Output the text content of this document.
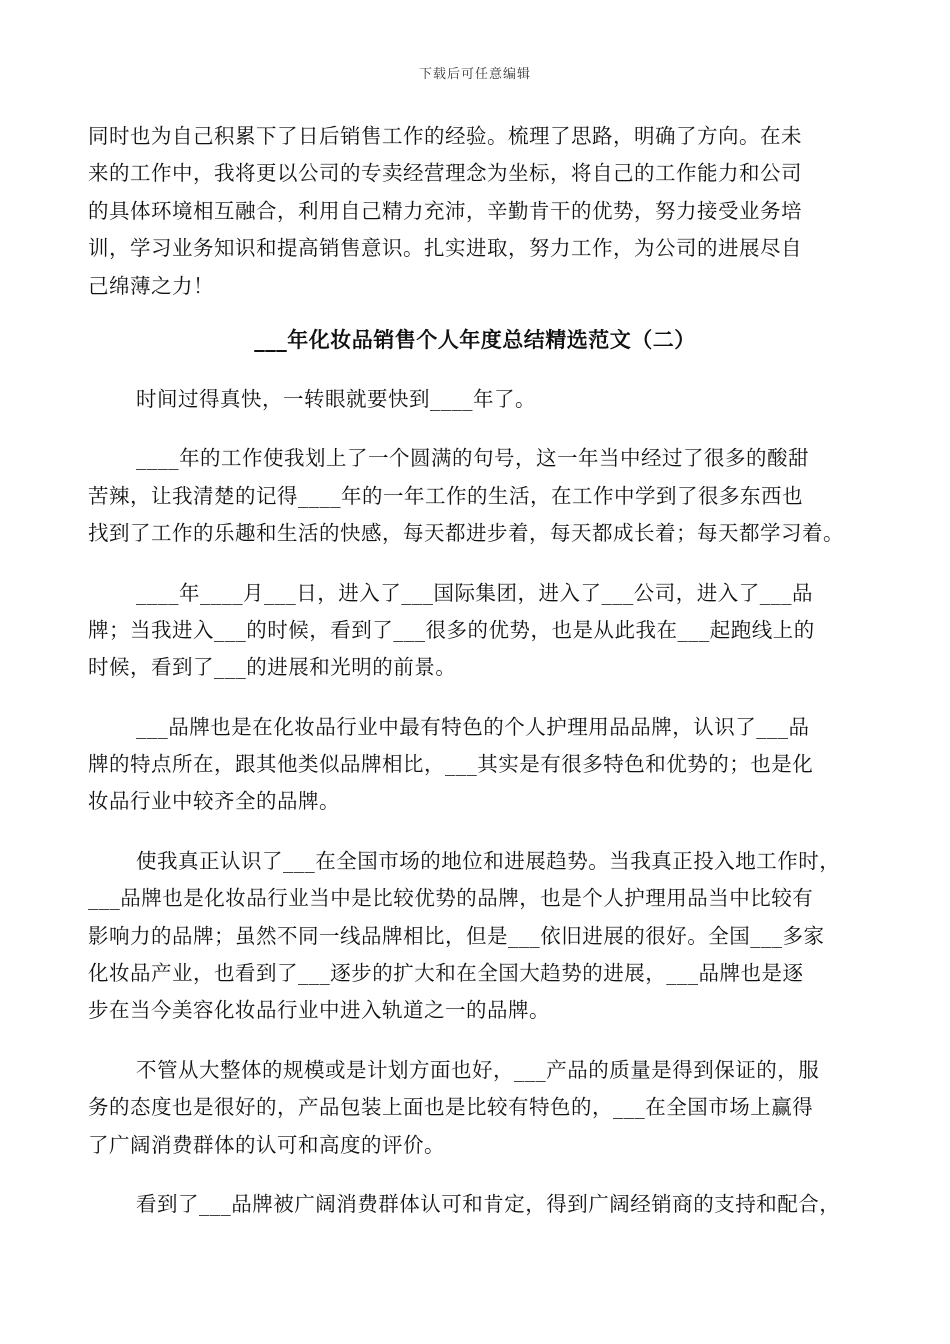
下载后可任意编辑
同时也为自己积累下了日后销售工作的经验。梳理了思路，明确了方向。在未
来的工作中，我将更以公司的专卖经营理念为坐标，将自己的工作能力和公司
的具体环境相互融合，利用自己精力充沛，辛勤肯干的优势，努力接受业务培
训，学习业务知识和提高销售意识。扎实进取，努力工作，为公司的进展尽自
己绵薄之力！
___年化妆品销售个人年度总结精选范文（二）
时间过得真快，一转眼就要快到____年了。
____年的工作使我划上了一个圆满的句号，这一年当中经过了很多的酸甜
苦辣，让我清楚的记得____年的一年工作的生活，在工作中学到了很多东西也
找到了工作的乐趣和生活的快感，每天都进步着，每天都成长着；每天都学习着。
____年____月___日，进入了___国际集团，进入了___公司，进入了___品
牌；当我进入___的时候，看到了___很多的优势，也是从此我在___起跑线上的
时候，看到了___的进展和光明的前景。
___品牌也是在化妆品行业中最有特色的个人护理用品品牌，认识了___品
牌的特点所在，跟其他类似品牌相比，___其实是有很多特色和优势的；也是化
妆品行业中较齐全的品牌。
使我真正认识了___在全国市场的地位和进展趋势。当我真正投入地工作时，
___品牌也是化妆品行业当中是比较优势的品牌，也是个人护理用品当中比较有
影响力的品牌；虽然不同一线品牌相比，但是___依旧进展的很好。全国___多家
化妆品产业，也看到了___逐步的扩大和在全国大趋势的进展，___品牌也是逐
步在当今美容化妆品行业中进入轨道之一的品牌。
不管从大整体的规模或是计划方面也好，___产品的质量是得到保证的，服
务的态度也是很好的，产品包装上面也是比较有特色的，___在全国市场上赢得
了广阔消费群体的认可和高度的评价。
看到了___品牌被广阔消费群体认可和肯定，得到广阔经销商的支持和配合，
